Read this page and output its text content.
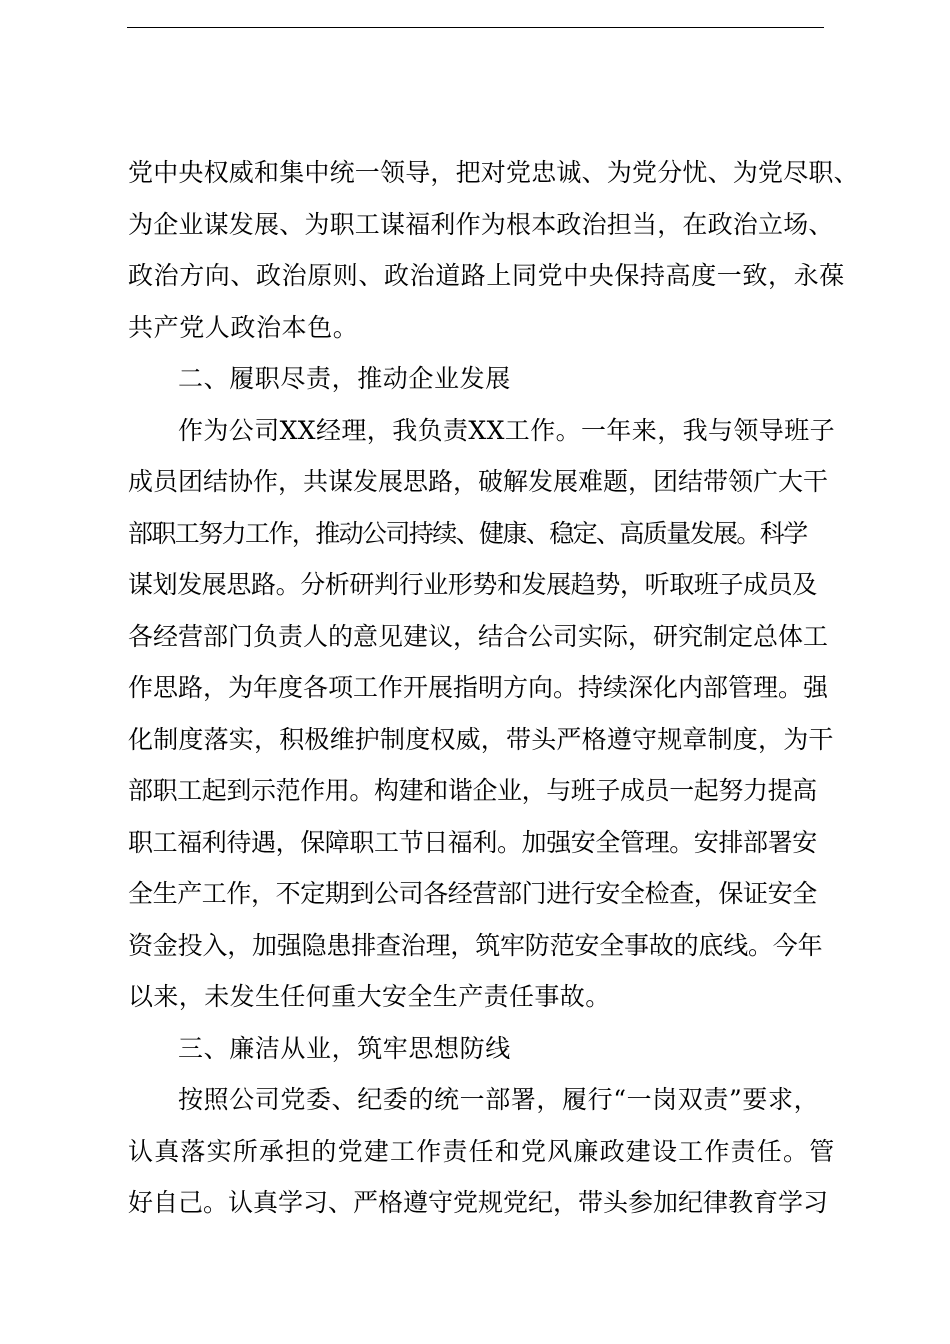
党中央权威和集中统一领导，把对党忠诚、为党分忧、为党尽职、
为企业谋发展、为职工谋福利作为根本政治担当，在政治立场、
政治方向、政治原则、政治道路上同党中央保持高度一致，永葆
共产党人政治本色。
二、履职尽责，推动企业发展
作为公司XX经理，我负责XX工作。一年来，我与领导班子
成员团结协作，共谋发展思路，破解发展难题，团结带领广大干
部职工努力工作，推动公司持续、健康、稳定、高质量发展。科学
谋划发展思路。分析研判行业形势和发展趋势，听取班子成员及
各经营部门负责人的意见建议，结合公司实际，研究制定总体工
作思路，为年度各项工作开展指明方向。持续深化内部管理。强
化制度落实，积极维护制度权威，带头严格遵守规章制度，为干
部职工起到示范作用。构建和谐企业，与班子成员一起努力提高
职工福利待遇，保障职工节日福利。加强安全管理。安排部署安
全生产工作，不定期到公司各经营部门进行安全检查，保证安全
资金投入，加强隐患排查治理，筑牢防范安全事故的底线。今年
以来，未发生任何重大安全生产责任事故。
三、廉洁从业，筑牢思想防线
按照公司党委、纪委的统一部署，履行“一岗双责”要求，
认真落实所承担的党建工作责任和党风廉政建设工作责任。管
好自己。认真学习、严格遵守党规党纪，带头参加纪律教育学习
